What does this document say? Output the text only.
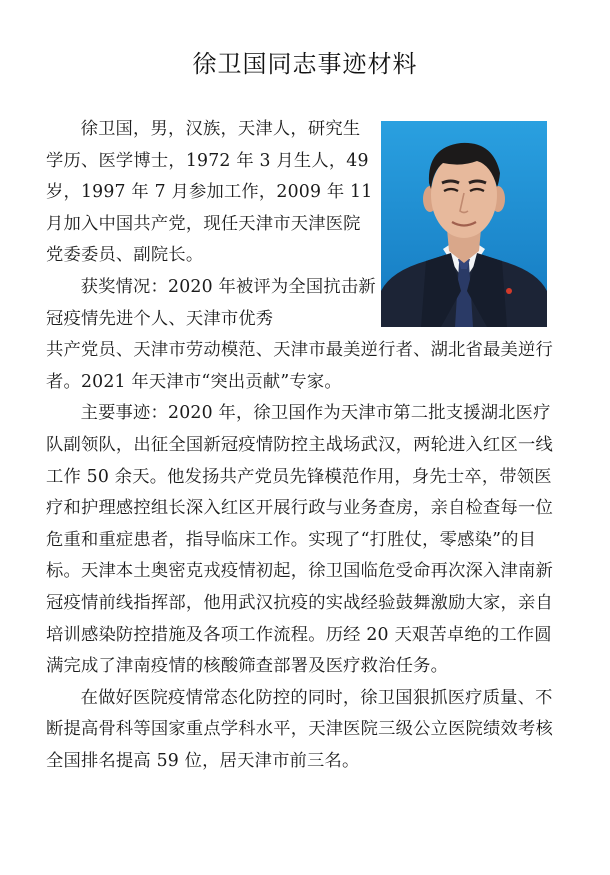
徐卫国同志事迹材料

徐卫国，男，汉族，天津人，研究生学历、医学博士，1972 年 3 月生人，49 岁，1997 年 7 月参加工作，2009 年 11 月加入中国共产党，现任天津市天津医院党委委员、副院长。

获奖情况：2020 年被评为全国抗击新冠疫情先进个人、天津市优秀

共产党员、天津市劳动模范、天津市最美逆行者、湖北省最美逆行者。2021 年天津市“突出贡献”专家。

主要事迹：2020 年，徐卫国作为天津市第二批支援湖北医疗队副领队，出征全国新冠疫情防控主战场武汉，两轮进入红区一线工作 50 余天。他发扬共产党员先锋模范作用，身先士卒，带领医疗和护理感控组长深入红区开展行政与业务查房，亲自检查每一位危重和重症患者，指导临床工作。实现了“打胜仗，零感染”的目标。天津本土奥密克戎疫情初起，徐卫国临危受命再次深入津南新冠疫情前线指挥部，他用武汉抗疫的实战经验鼓舞激励大家，亲自培训感染防控措施及各项工作流程。历经 20 天艰苦卓绝的工作圆满完成了津南疫情的核酸筛查部署及医疗救治任务。

在做好医院疫情常态化防控的同时，徐卫国狠抓医疗质量、不断提高骨科等国家重点学科水平，天津医院三级公立医院绩效考核全国排名提高 59 位，居天津市前三名。
